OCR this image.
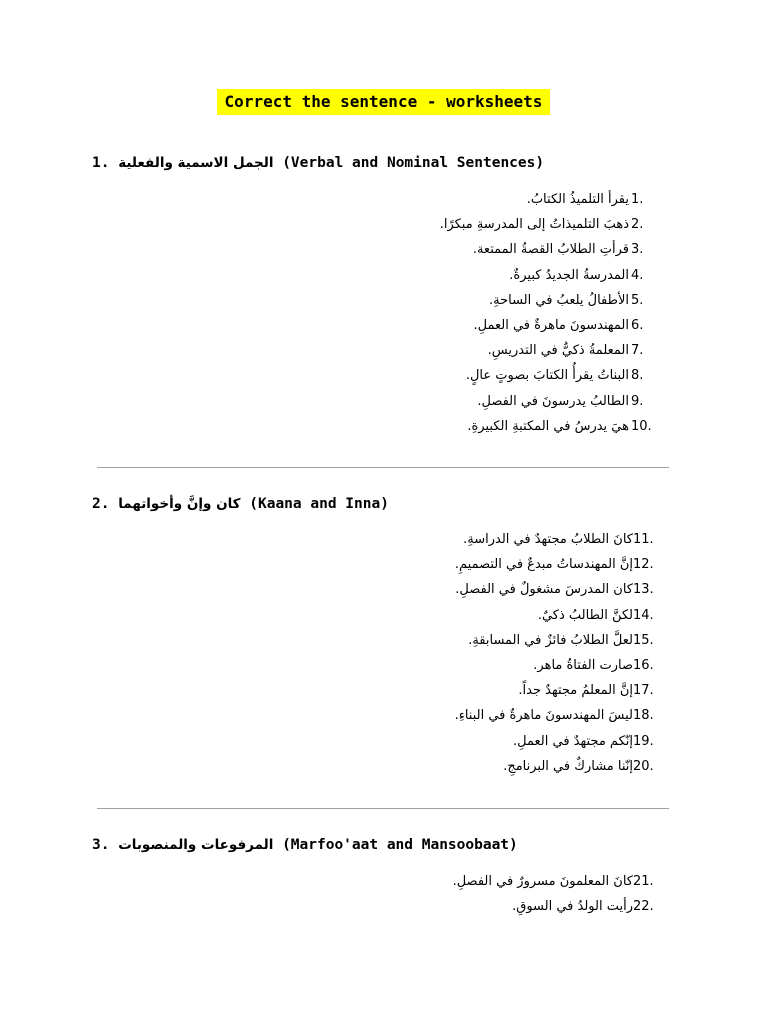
Correct the sentence - worksheets
1. الجمل الاسمية والفعلية (Verbal and Nominal Sentences)
يقرأ التلميذُ الكتابُ. 1.
ذهبَ التلميذاتُ إلى المدرسةِ مبكرًا. 2.
قرأتِ الطلابُ القصةُ الممتعة. 3.
المدرسةُ الجديدُ كبيرةٌ. 4.
الأطفالُ يلعبُ في الساحةِ. 5.
المهندسونَ ماهرةٌ في العملِ. 6.
المعلمةُ ذكيٌّ في التدريسِ. 7.
البناتُ يقرأُ الكتابَ بصوتٍ عالٍ. 8.
الطالبُ يدرسونَ في الفصلِ. 9.
هيَ يدرسُ في المكتبةِ الكبيرةِ. 10.
2. كان وإنَّ وأخواتهما (Kaana and Inna)
كانَ الطلابُ مجتهدٌ في الدراسةِ.11.
إنَّ المهندساتُ مبدعٌ في التصميمِ.12.
كان المدرسَ مشغولٌ في الفصلِ.13.
لكنَّ الطالبُ ذكيٌ.14.
لعلَّ الطلابُ فائزٌ في المسابقةِ.15.
صارت الفتاةُ ماهر.16.
إنَّ المعلمُ مجتهدٌ جداً.17.
ليسَ المهندسونَ ماهرةٌ في البناءِ.18.
إنّكم مجتهدٌ في العملِ.19.
إنّنا مشاركٌ في البرنامجِ.20.
3. المرفوعات والمنصوبات (Marfoo'aat and Mansoobaat)
كانَ المعلمونَ مسرورٌ في الفصلِ.21.
رأيت الولدُ في السوقِ.22.
